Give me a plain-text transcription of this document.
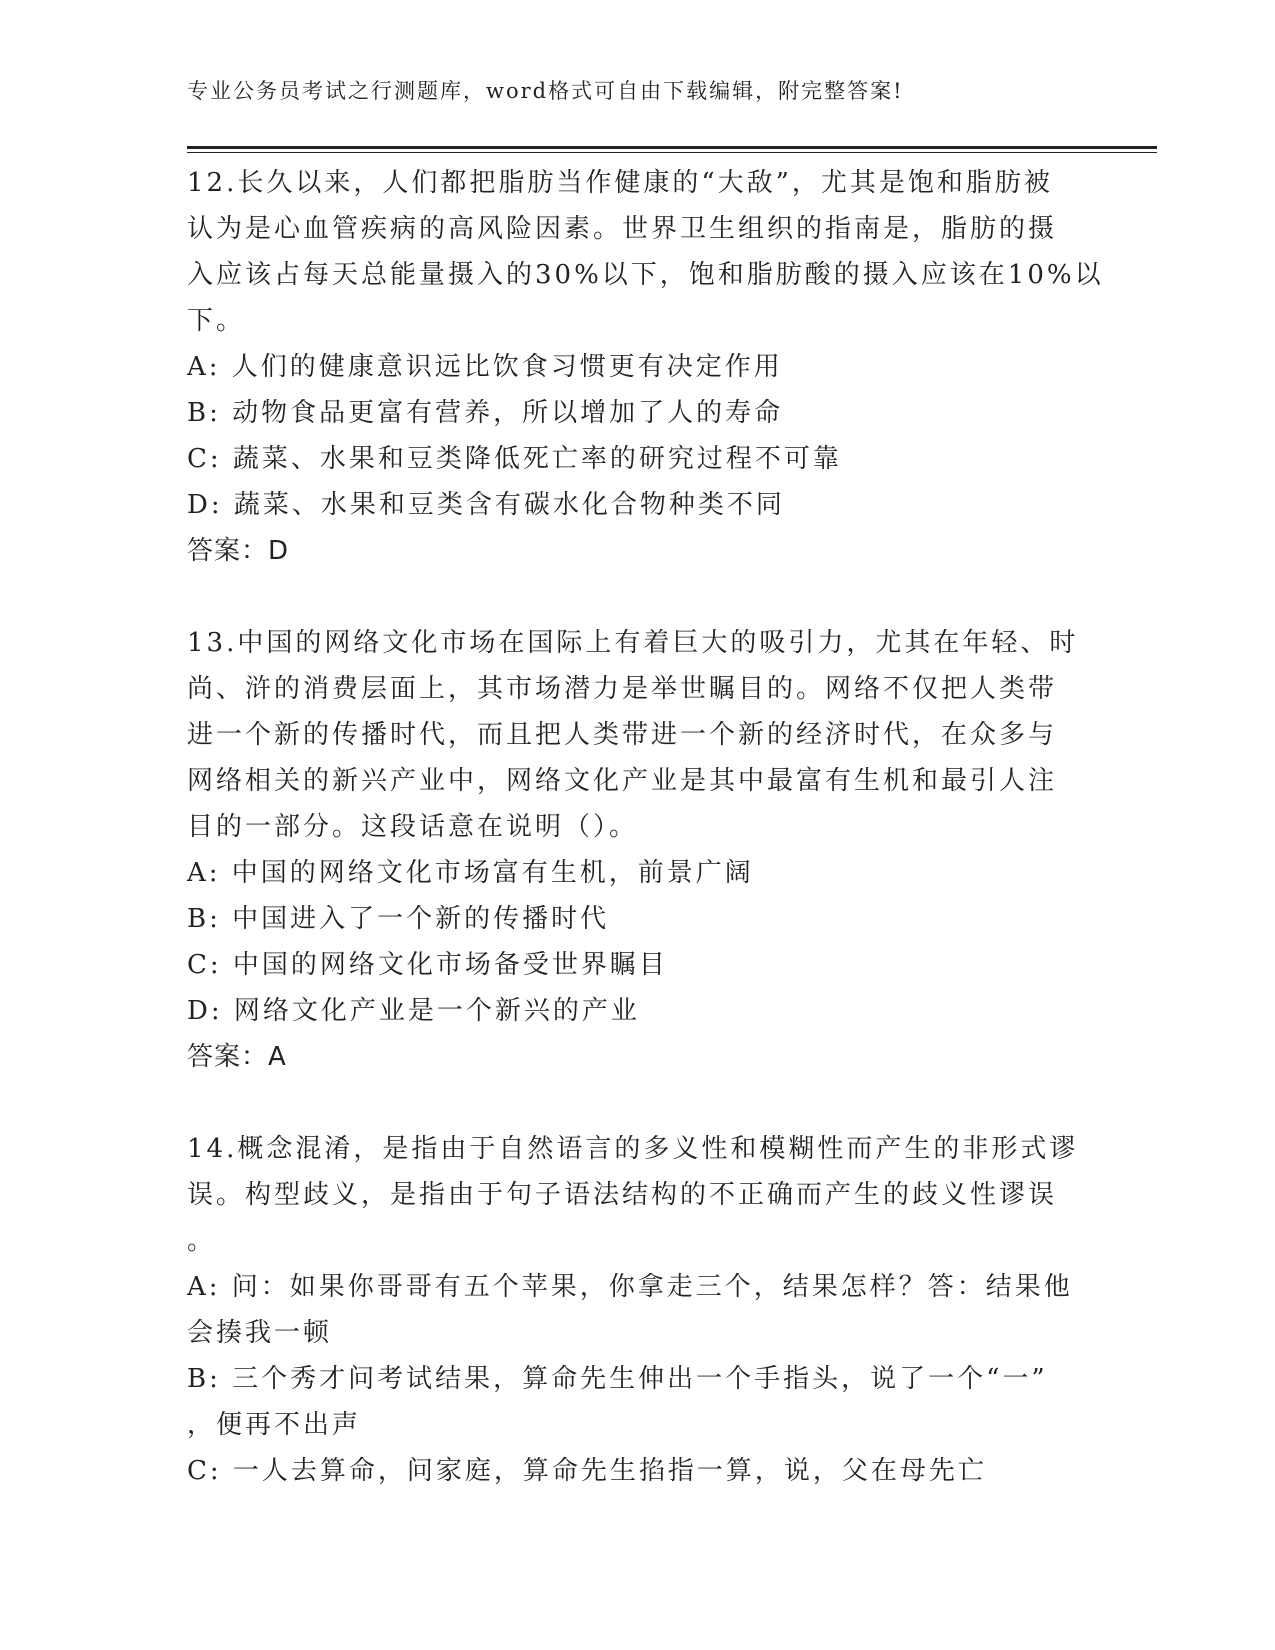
专业公务员考试之行测题库，word格式可自由下载编辑，附完整答案!
12.长久以来，人们都把脂肪当作健康的“大敌”，尤其是饱和脂肪被
认为是心血管疾病的高风险因素。世界卫生组织的指南是，脂肪的摄
入应该占每天总能量摄入的30%以下，饱和脂肪酸的摄入应该在10%以
下。
A: 人们的健康意识远比饮食习惯更有决定作用
B: 动物食品更富有营养，所以增加了人的寿命
C: 蔬菜、水果和豆类降低死亡率的研究过程不可靠
D: 蔬菜、水果和豆类含有碳水化合物种类不同
答案：D
13.中国的网络文化市场在国际上有着巨大的吸引力，尤其在年轻、时
尚、浒的消费层面上，其市场潜力是举世瞩目的。网络不仅把人类带
进一个新的传播时代，而且把人类带进一个新的经济时代，在众多与
网络相关的新兴产业中，网络文化产业是其中最富有生机和最引人注
目的一部分。这段话意在说明（）。
A: 中国的网络文化市场富有生机，前景广阔
B: 中国进入了一个新的传播时代
C: 中国的网络文化市场备受世界瞩目
D: 网络文化产业是一个新兴的产业
答案：A
14.概念混淆，是指由于自然语言的多义性和模糊性而产生的非形式谬
误。构型歧义，是指由于句子语法结构的不正确而产生的歧义性谬误
。
A: 问：如果你哥哥有五个苹果，你拿走三个，结果怎样？答：结果他
会揍我一顿
B: 三个秀才问考试结果，算命先生伸出一个手指头，说了一个“一”
，便再不出声
C: 一人去算命，问家庭，算命先生掐指一算，说，父在母先亡
